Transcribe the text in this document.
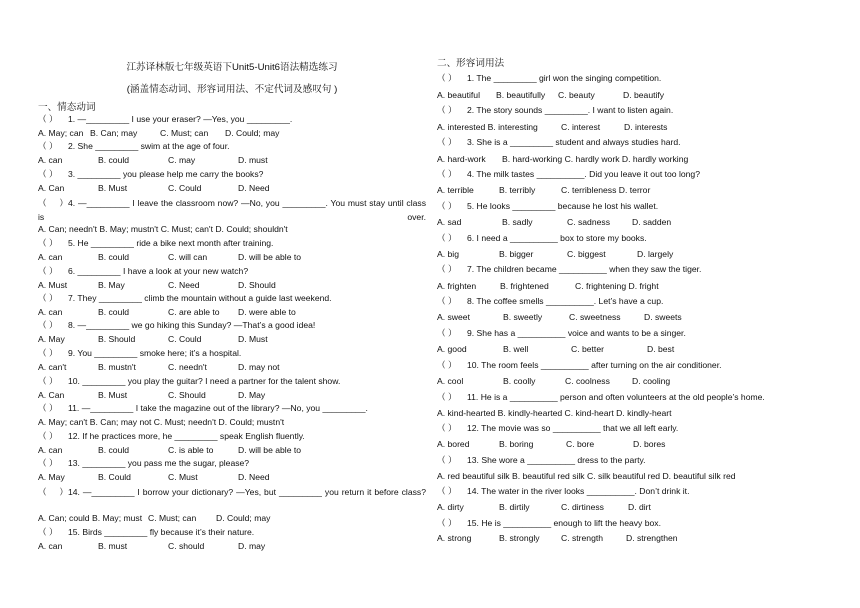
江苏译林版七年级英语下Unit5-Unit6语法精选练习
(涵盖情态动词、形容词用法、不定代词及感叹句 )
一、情态动词
（ ）	1. —_________ I use your eraser? —Yes, you _________.
A. May; can B. Can; may	C. Must; can	D. Could; may
（ ）	2. She _________ swim at the age of four.
A. can	B. could	C. may	D. must
（ ）	3. _________ you please help me carry the books?
A. Can	B. Must	C. Could	D. Need
（ ）4. —_________ I leave the classroom now? —No, you _________. You must stay until class is over.
A. Can; needn't B. May; mustn't C. Must; can't D. Could; shouldn't
（ ）	5. He _________ ride a bike next month after training.
A. can	B. could	C. will can	D. will be able to
（ ）	6. _________ I have a look at your new watch?
A. Must	B. May	C. Need	D. Should
（ ）	7. They _________ climb the mountain without a guide last weekend.
A. can	B. could	C. are able to	D. were able to
（ ）	8. —_________ we go hiking this Sunday? —That’s a good idea!
A. May	B. Should	C. Could	D. Must
（ ）	9. You _________ smoke here; it’s a hospital.
A. can't	B. mustn't	C. needn't	D. may not
（ ）	10. _________ you play the guitar? I need a partner for the talent show.
A. Can	B. Must	C. Should	D. May
（ ）	11. —_________ I take the magazine out of the library? —No, you _________.
A. May; can't B. Can; may not C. Must; needn't D. Could; mustn't
（ ）	12. If he practices more, he _________ speak English fluently.
A. can	B. could	C. is able to	D. will be able to
（ ）	13. _________ you pass me the sugar, please?
A. May	B. Could	C. Must	D. Need
（ ）14. —_________ I borrow your dictionary? —Yes, but _________ you return it before class?
A. Can; could B. May; must C. Must; can	D. Could; may
（ ）	15. Birds _________ fly because it’s their nature.
A. can	B. must	C. should	D. may
二、形容词用法
（ ）	1. The _________ girl won the singing competition.
A. beautiful	B. beautifully	C. beauty	D. beautify
（ ）	2. The story sounds _________. I want to listen again.
A. interested B. interesting	C. interest	D. interests
（ ）	3. She is a _________ student and always studies hard.
A. hard-work	B. hard-working C. hardly work D. hardly working
（ ）	4. The milk tastes __________. Did you leave it out too long?
A. terrible	B. terribly	C. terribleness D. terror
（ ）	5. He looks _________ because he lost his wallet.
A. sad	B. sadly	C. sadness	D. sadden
（ ）	6. I need a __________ box to store my books.
A. big	B. bigger	C. biggest	D. largely
（ ）	7. The children became __________ when they saw the tiger.
A. frighten	B. frightened	C. frightening D. fright
（ ）	8. The coffee smells __________. Let’s have a cup.
A. sweet	B. sweetly	C. sweetness	D. sweets
（ ）	9. She has a __________ voice and wants to be a singer.
A. good	B. well	C. better	D. best
（ ）	10. The room feels __________ after turning on the air conditioner.
A. cool	B. coolly	C. coolness	D. cooling
（ ）	11. He is a __________ person and often volunteers at the old people’s home.
A. kind-hearted B. kindly-hearted C. kind-heart D. kindly-heart
（ ）	12. The movie was so __________ that we all left early.
A. bored	B. boring	C. bore	D. bores
（ ）	13. She wore a __________ dress to the party.
A. red beautiful silk B. beautiful red silk C. silk beautiful red D. beautiful silk red
（ ）	14. The water in the river looks __________. Don’t drink it.
A. dirty	B. dirtily	C. dirtiness	D. dirt
（ ）	15. He is __________ enough to lift the heavy box.
A. strong	B. strongly	C. strength	D. strengthen
